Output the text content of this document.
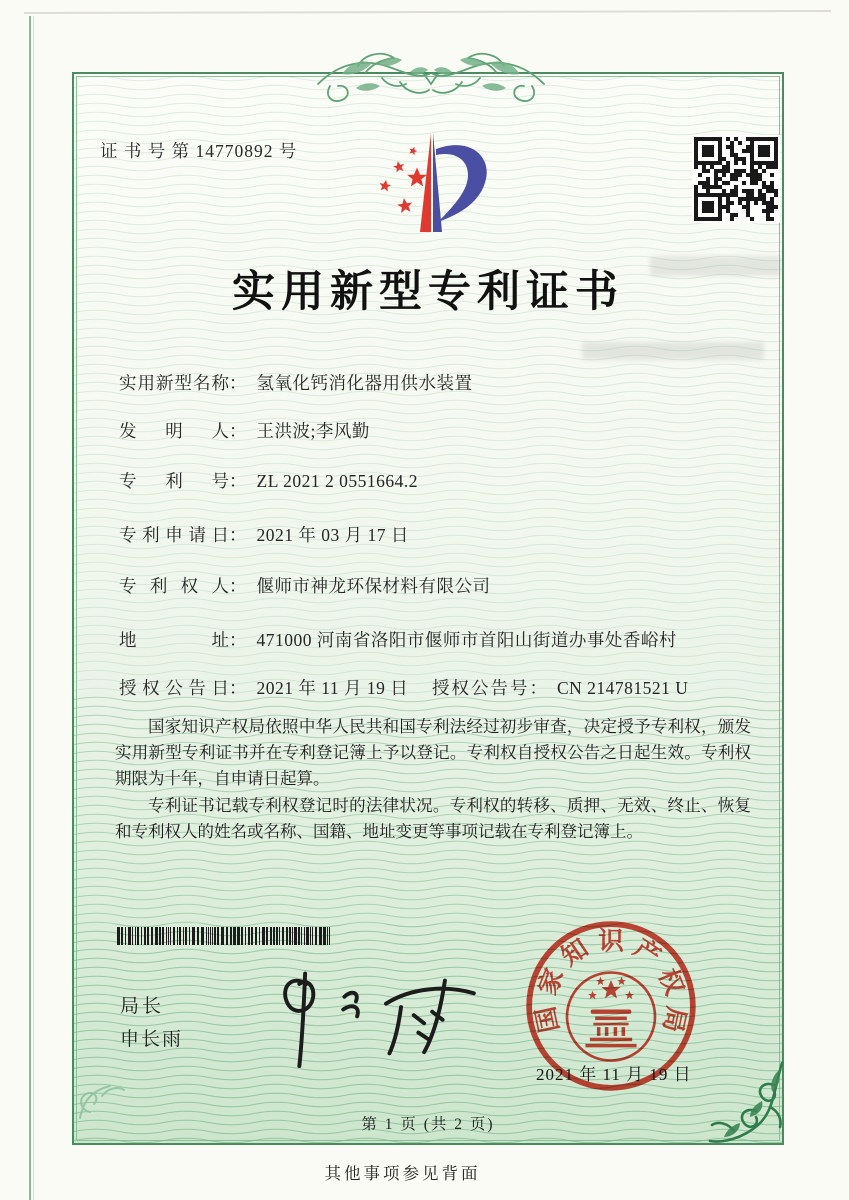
证 书 号 第 14770892 号
实用新型专利证书
实用新型名称： 氢氧化钙消化器用供水装置
发明人： 王洪波;李风勤
专利号： ZL 2021 2 0551664.2
专利申请日： 2021 年 03 月 17 日
专利权人： 偃师市神龙环保材料有限公司
地址： 471000 河南省洛阳市偃师市首阳山街道办事处香峪村
授权公告日： 2021 年 11 月 19 日 授权公告号： CN 214781521 U

国家知识产权局依照中华人民共和国专利法经过初步审查，决定授予专利权，颁发实用新型专利证书并在专利登记簿上予以登记。专利权自授权公告之日起生效。专利权期限为十年，自申请日起算。

专利证书记载专利权登记时的法律状况。专利权的转移、质押、无效、终止、恢复和专利权人的姓名或名称、国籍、地址变更等事项记载在专利登记簿上。

局长
申长雨
国
家
知 识 产
权
局
2021 年 11 月 19 日
第 1 页 (共 2 页)
其他事项参见背面
